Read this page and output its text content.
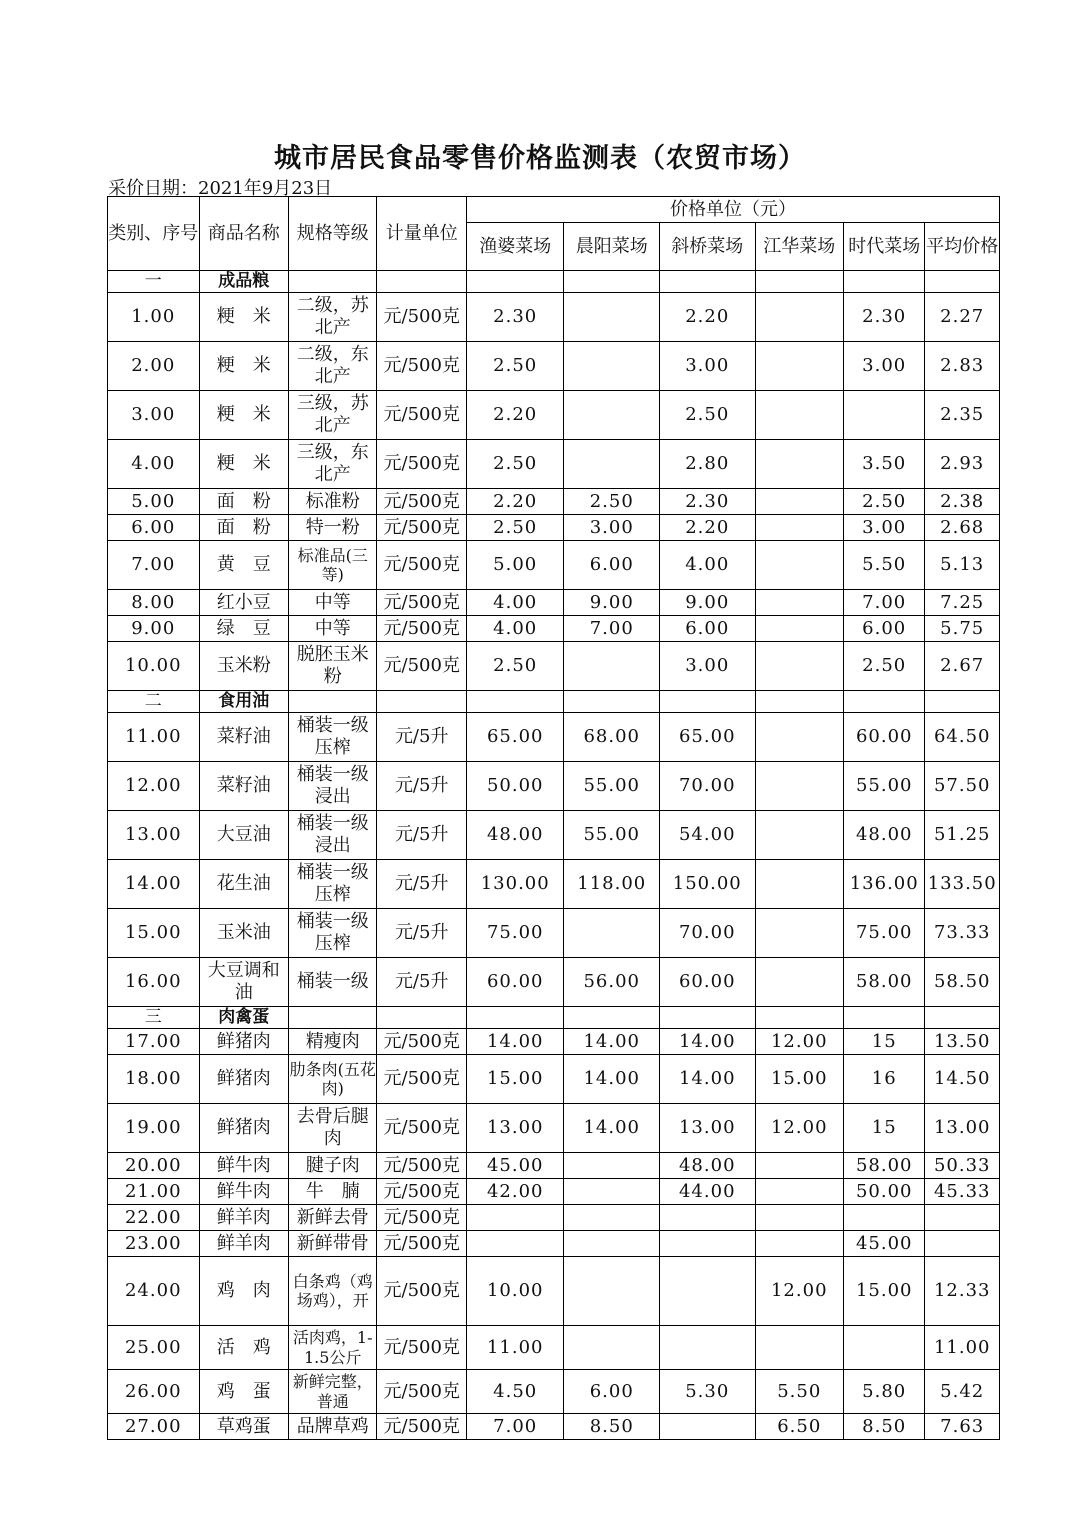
城市居民食品零售价格监测表（农贸市场）
采价日期：2021年9月23日
类别、序号	商品名称	规格等级	计量单位	价格单位（元）					
				渔婆菜场	晨阳菜场	斜桥菜场	江华菜场	时代菜场	平均价格
一	成品粮								
1.00	粳　米	二级，苏北产	元/500克	2.30		2.20		2.30	2.27
2.00	粳　米	二级，东北产	元/500克	2.50		3.00		3.00	2.83
3.00	粳　米	三级，苏北产	元/500克	2.20		2.50			2.35
4.00	粳　米	三级，东北产	元/500克	2.50		2.80		3.50	2.93
5.00	面　粉	标准粉	元/500克	2.20	2.50	2.30		2.50	2.38
6.00	面　粉	特一粉	元/500克	2.50	3.00	2.20		3.00	2.68
7.00	黄　豆	标准品(三等)	元/500克	5.00	6.00	4.00		5.50	5.13
8.00	红小豆	中等	元/500克	4.00	9.00	9.00		7.00	7.25
9.00	绿　豆	中等	元/500克	4.00	7.00	6.00		6.00	5.75
10.00	玉米粉	脱胚玉米粉	元/500克	2.50		3.00		2.50	2.67
二	食用油								
11.00	菜籽油	桶装一级压榨	元/5升	65.00	68.00	65.00		60.00	64.50
12.00	菜籽油	桶装一级浸出	元/5升	50.00	55.00	70.00		55.00	57.50
13.00	大豆油	桶装一级浸出	元/5升	48.00	55.00	54.00		48.00	51.25
14.00	花生油	桶装一级压榨	元/5升	130.00	118.00	150.00		136.00	133.50
15.00	玉米油	桶装一级压榨	元/5升	75.00		70.00		75.00	73.33
16.00	大豆调和油	桶装一级	元/5升	60.00	56.00	60.00		58.00	58.50
三	肉禽蛋								
17.00	鲜猪肉	精瘦肉	元/500克	14.00	14.00	14.00	12.00	15	13.50
18.00	鲜猪肉	肋条肉(五花肉)	元/500克	15.00	14.00	14.00	15.00	16	14.50
19.00	鲜猪肉	去骨后腿肉	元/500克	13.00	14.00	13.00	12.00	15	13.00
20.00	鲜牛肉	腱子肉	元/500克	45.00		48.00		58.00	50.33
21.00	鲜牛肉	牛　腩	元/500克	42.00		44.00		50.00	45.33
22.00	鲜羊肉	新鲜去骨	元/500克						
23.00	鲜羊肉	新鲜带骨	元/500克					45.00	
24.00	鸡　肉	白条鸡（鸡场鸡），开	元/500克	10.00			12.00	15.00	12.33
25.00	活　鸡	活肉鸡，1-1.5公斤	元/500克	11.00					11.00
26.00	鸡　蛋	新鲜完整，普通	元/500克	4.50	6.00	5.30	5.50	5.80	5.42
27.00	草鸡蛋	品牌草鸡	元/500克	7.00	8.50		6.50	8.50	7.63
